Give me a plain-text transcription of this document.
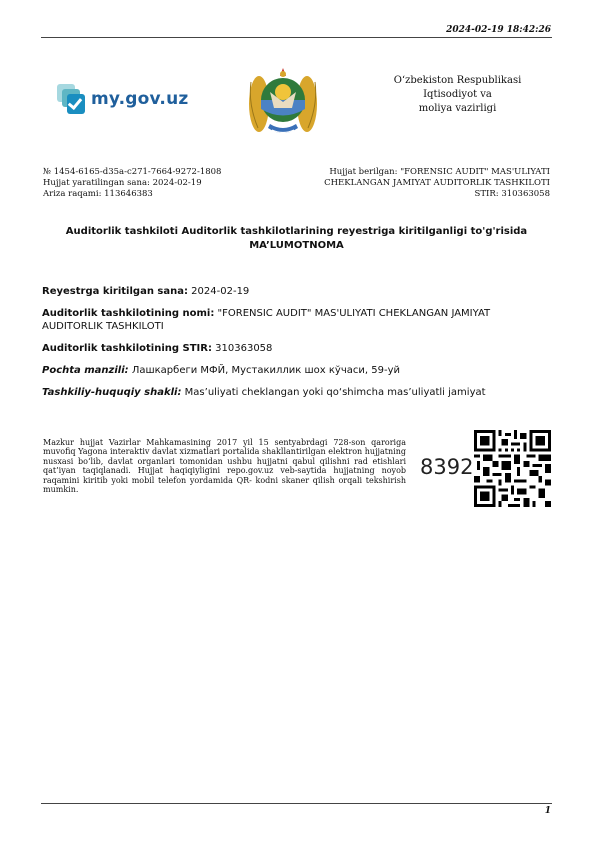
2024-02-19 18:42:26
my.gov.uz
O‘zbekiston Respublikasi
Iqtisodiyot va
moliya vazirligi
№ 1454-6165-d35a-c271-7664-9272-1808
Hujjat yaratilingan sana: 2024-02-19
Ariza raqami: 113646383
Hujjat berilgan: "FORENSIC AUDIT" MAS'ULIYATI
CHEKLANGAN JAMIYAT AUDITORLIK TASHKILOTI
STIR: 310363058
Auditorlik tashkiloti Auditorlik tashkilotlarining reyestriga kiritilganligi to'g'risida
MA’LUMOTNOMA
Reyestrga kiritilgan sana: 2024-02-19
Auditorlik tashkilotining nomi: "FORENSIC AUDIT" MAS'ULIYATI CHEKLANGAN JAMIYAT AUDITORLIK TASHKILOTI
Auditorlik tashkilotining STIR: 310363058
Pochta manzili: Лашкарбеги МФЙ, Мустакиллик шох кўчаси, 59-уй
Tashkiliy-huquqiy shakli: Mas’uliyati cheklangan yoki qo‘shimcha mas’uliyatli jamiyat
Mazkur hujjat Vazirlar Mahkamasining 2017 yil 15 sentyabrdagi 728-son qaroriga muvofiq Yagona interaktiv davlat xizmatlari portalida shakllantirilgan elektron hujjatning nusxasi bo‘lib, davlat organlari tomonidan ushbu hujjatni qabul qilishni rad etishlari qat’iyan taqiqlanadi. Hujjat haqiqiyligini repo.gov.uz veb-saytida hujjatning noyob raqamini kiritib yoki mobil telefon yordamida QR- kodni skaner qilish orqali tekshirish mumkin.
8392
1
